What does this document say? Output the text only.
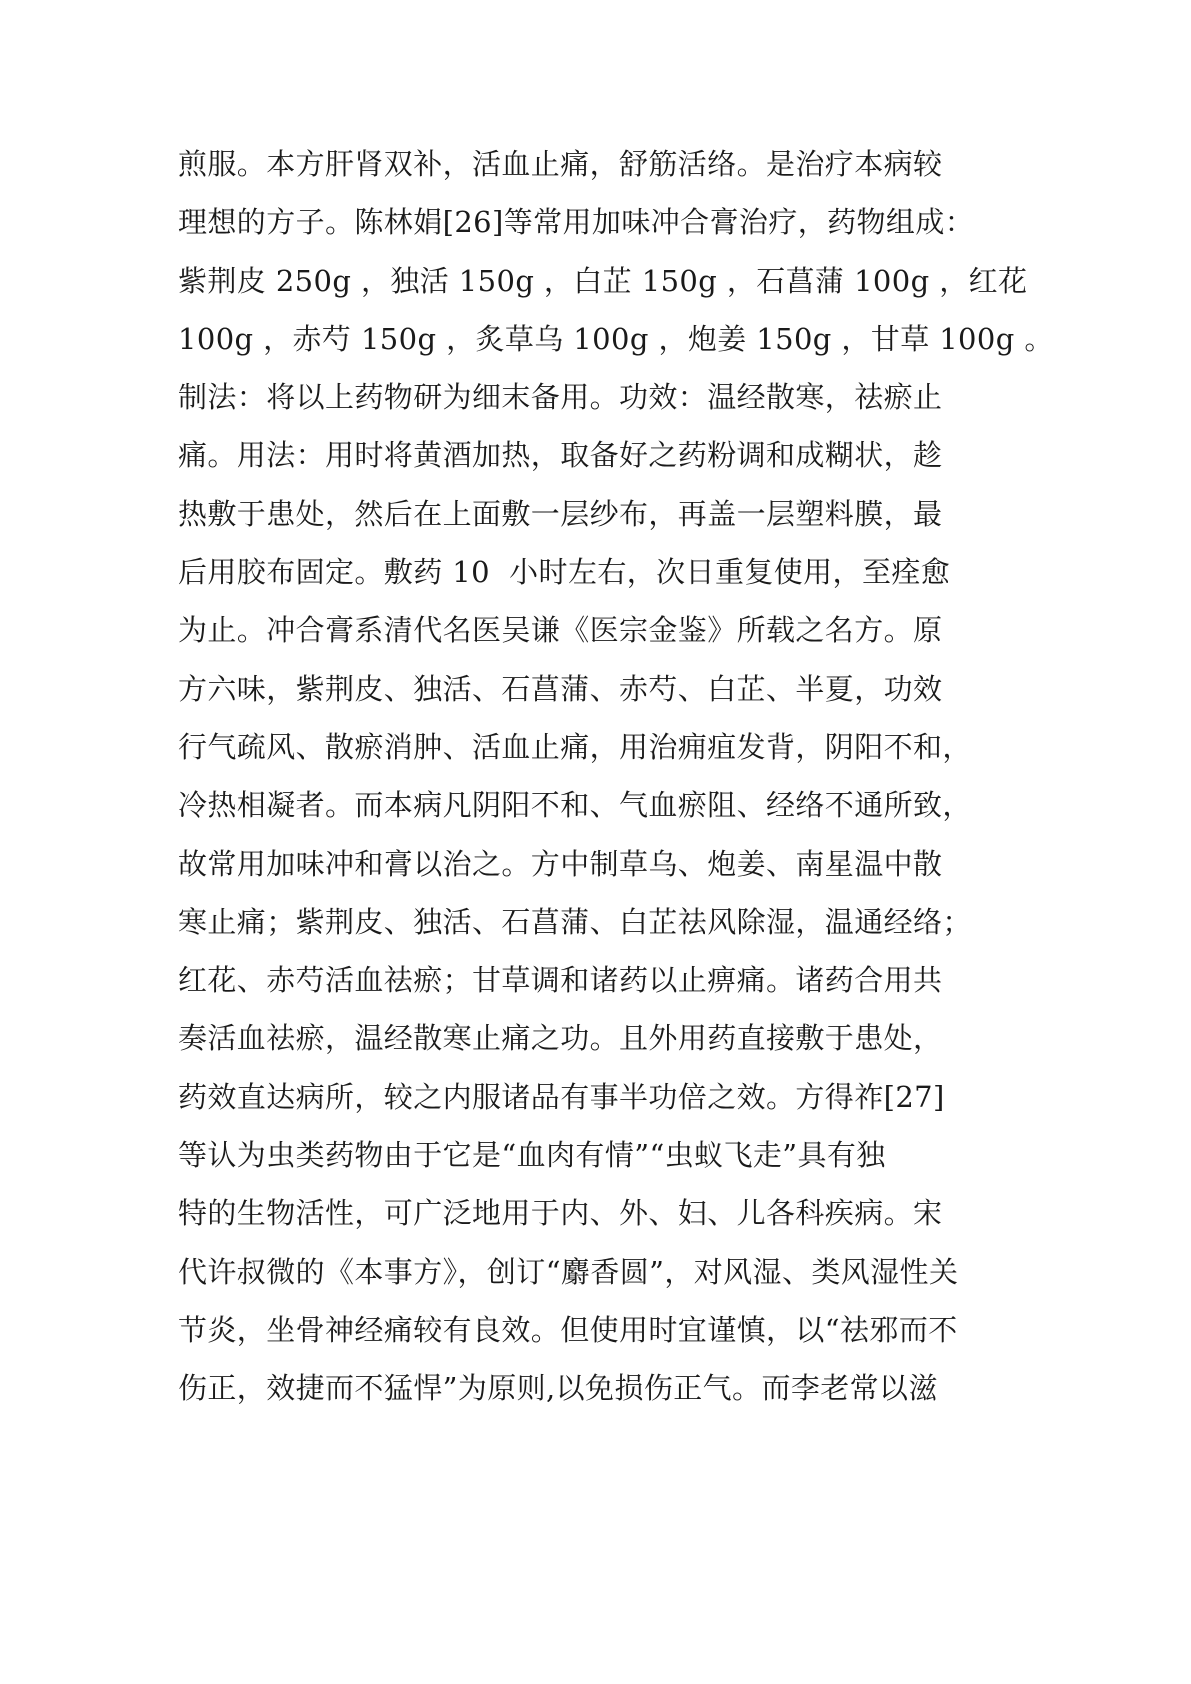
煎服。本方肝肾双补，活血止痛，舒筋活络。是治疗本病较
理想的方子。陈林娟[26]等常用加味冲合膏治疗，药物组成：
紫荆皮 250g ，独活 150g ，白芷 150g ，石菖蒲 100g ，红花
100g ，赤芍 150g ，炙草乌 100g ，炮姜 150g ，甘草 100g 。
制法：将以上药物研为细末备用。功效：温经散寒，祛瘀止
痛。用法：用时将黄酒加热，取备好之药粉调和成糊状，趁
热敷于患处，然后在上面敷一层纱布，再盖一层塑料膜，最
后用胶布固定。敷药 10  小时左右，次日重复使用，至痊愈
为止。冲合膏系清代名医吴谦《医宗金鉴》所载之名方。原
方六味，紫荆皮、独活、石菖蒲、赤芍、白芷、半夏，功效
行气疏风、散瘀消肿、活血止痛，用治痈疽发背，阴阳不和，
冷热相凝者。而本病凡阴阳不和、气血瘀阻、经络不通所致，
故常用加味冲和膏以治之。方中制草乌、炮姜、南星温中散
寒止痛；紫荆皮、独活、石菖蒲、白芷祛风除湿，温通经络；
红花、赤芍活血祛瘀；甘草调和诸药以止痹痛。诸药合用共
奏活血祛瘀，温经散寒止痛之功。且外用药直接敷于患处，
药效直达病所，较之内服诸品有事半功倍之效。方得祚[27]
等认为虫类药物由于它是“血肉有情”“虫蚁飞走”具有独
特的生物活性，可广泛地用于内、外、妇、儿各科疾病。宋
代许叔微的《本事方》，创订“麝香圆”，对风湿、类风湿性关
节炎，坐骨神经痛较有良效。但使用时宜谨慎，以“祛邪而不
伤正，效捷而不猛悍”为原则,以免损伤正气。而李老常以滋
